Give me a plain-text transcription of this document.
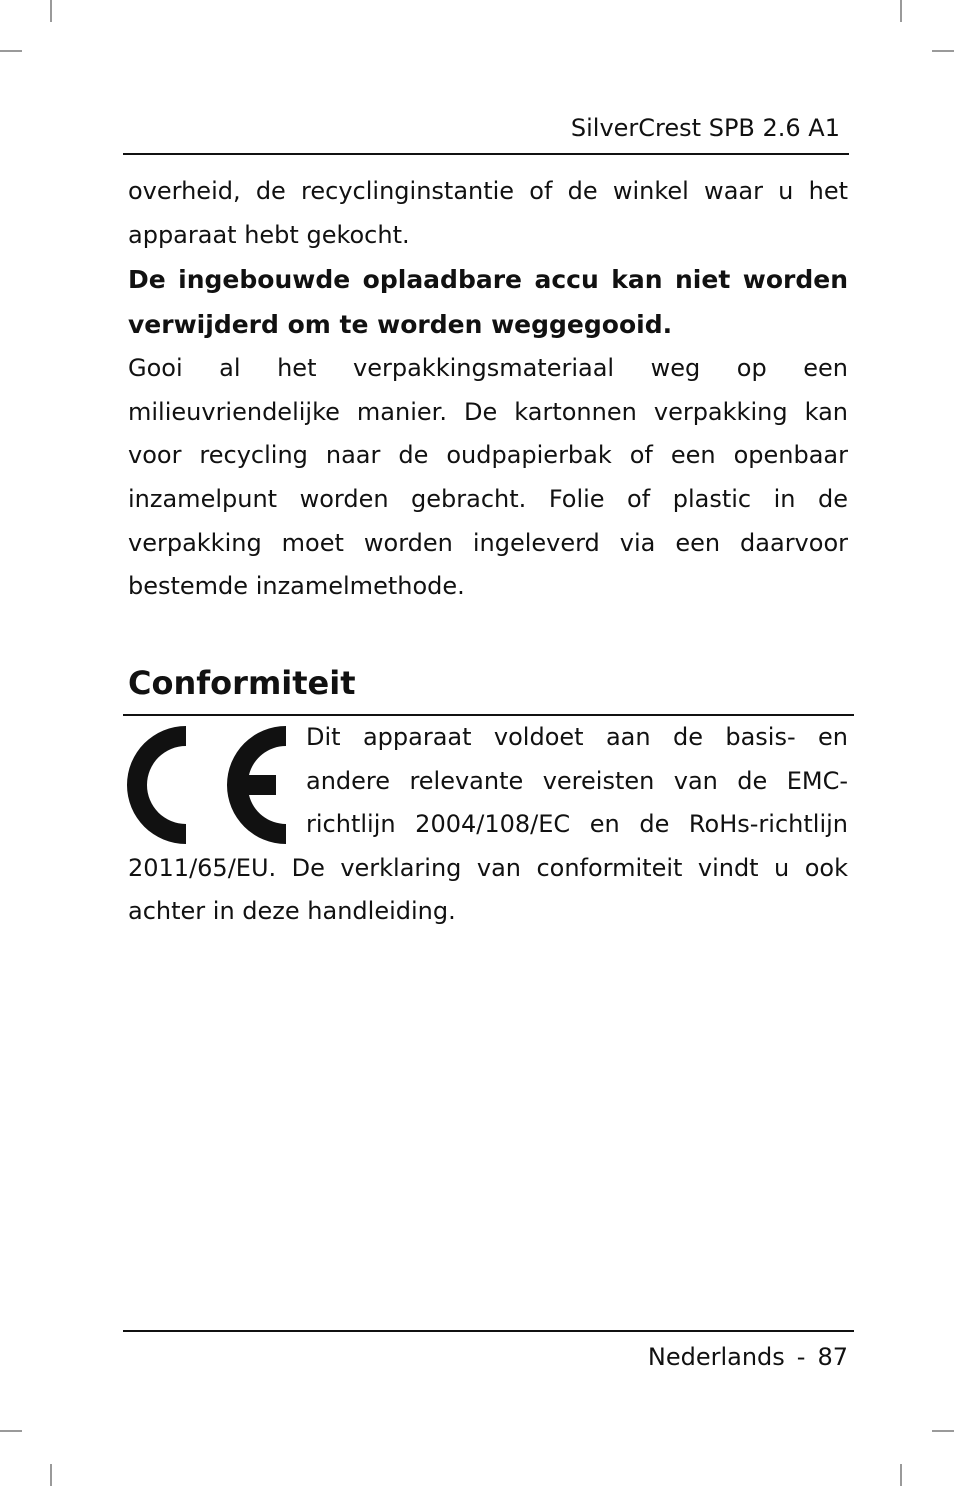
SilverCrest SPB 2.6 A1

overheid, de recyclinginstantie of de winkel waar u het apparaat hebt gekocht.

De ingebouwde oplaadbare accu kan niet worden verwijderd om te worden weggegooid.

Gooi al het verpakkingsmateriaal weg op een milieuvriendelijke manier. De kartonnen verpakking kan voor recycling naar de oudpapierbak of een openbaar inzamelpunt worden gebracht. Folie of plastic in de verpakking moet worden ingeleverd via een daarvoor bestemde inzamelmethode.

Conformiteit

Dit apparaat voldoet aan de basis- en andere relevante vereisten van de EMC-richtlijn 2004/108/EC en de RoHs-richtlijn 2011/65/EU. De verklaring van conformiteit vindt u ook achter in deze handleiding.

Nederlands - 87
